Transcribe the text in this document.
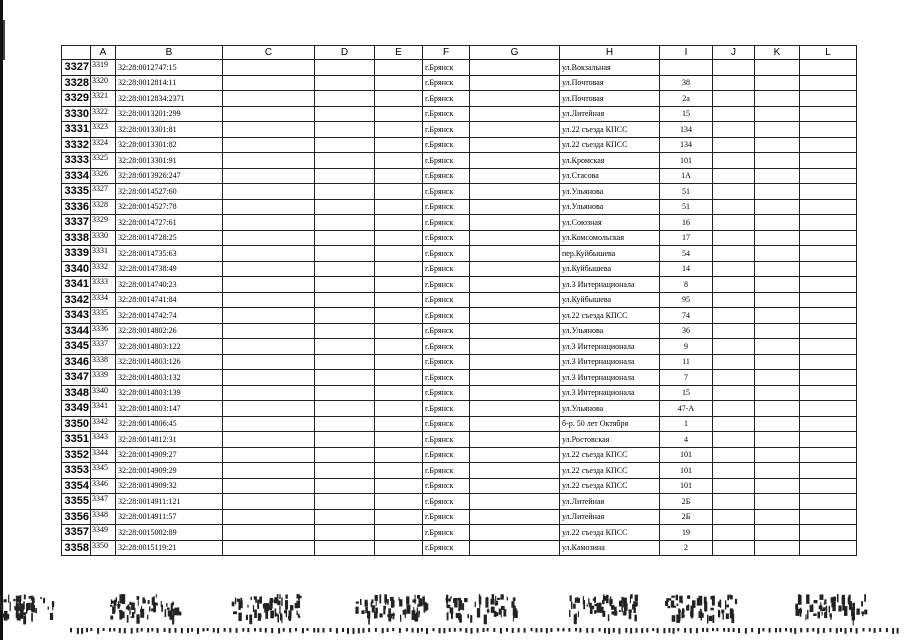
	A	B	C	D	E	F	G	H	I	J	K	L
3327	3319	32:28:0012747:15				г.Брянск		ул.Вокзальная				
3328	3320	32:28:0012814:11				г.Брянск		ул.Почтовая	38			
3329	3321	32:28:0012834:2371				г.Брянск		ул.Почтовая	2а			
3330	3322	32:28:0013201:299				г.Брянск		ул.Литейная	15			
3331	3323	32:28:0013301:81				г.Брянск		ул.22 съезда КПСС	134			
3332	3324	32:28:0013301:82				г.Брянск		ул.22 съезда КПСС	134			
3333	3325	32:28:0013301:91				г.Брянск		ул.Кромская	101			
3334	3326	32:28:0013926:247				г.Брянск		ул.Стасова	1А			
3335	3327	32:28:0014527:60				г.Брянск		ул.Ульянова	51			
3336	3328	32:28:0014527:78				г.Брянск		ул.Ульянова	51			
3337	3329	32:28:0014727:61				г.Брянск		ул.Союзная	16			
3338	3330	32:28:0014728:25				г.Брянск		ул.Комсомольская	17			
3339	3331	32:28:0014735:63				г.Брянск		пер.Куйбышева	54			
3340	3332	32:28:0014738:49				г.Брянск		ул.Куйбышева	14			
3341	3333	32:28:0014740:23				г.Брянск		ул.3 Интернационала	8			
3342	3334	32:28:0014741:84				г.Брянск		ул.Куйбышева	95			
3343	3335	32:28:0014742:74				г.Брянск		ул.22 съезда КПСС	74			
3344	3336	32:28:0014802:26				г.Брянск		ул.Ульянова	36			
3345	3337	32:28:0014803:122				г.Брянск		ул.3 Интернационала	9			
3346	3338	32:28:0014803:126				г.Брянск		ул.3 Интернационала	11			
3347	3339	32:28:0014803:132				г.Брянск		ул.3 Интернационала	7			
3348	3340	32:28:0014803:139				г.Брянск		ул.3 Интернационала	15			
3349	3341	32:28:0014803:147				г.Брянск		ул.Ульянова	47-А			
3350	3342	32:28:0014806:45				г.Брянск		б-р. 50 лет Октября	1			
3351	3343	32:28:0014812:31				г.Брянск		ул.Ростовская	4			
3352	3344	32:28:0014909:27				г.Брянск		ул.22 съезда КПСС	101			
3353	3345	32:28:0014909:29				г.Брянск		ул.22 съезда КПСС	101			
3354	3346	32:28:0014909:32				г.Брянск		ул.22 съезда КПСС	101			
3355	3347	32:28:0014911:121				г.Брянск		ул.Литейная	2Б			
3356	3348	32:28:0014911:57				г.Брянск		ул.Литейная	2Б			
3357	3349	32:28:0015002:89				г.Брянск		ул.22 съезда КПСС	19			
3358	3350	32:28:0015119:21				г.Брянск		ул.Камозина	2			
